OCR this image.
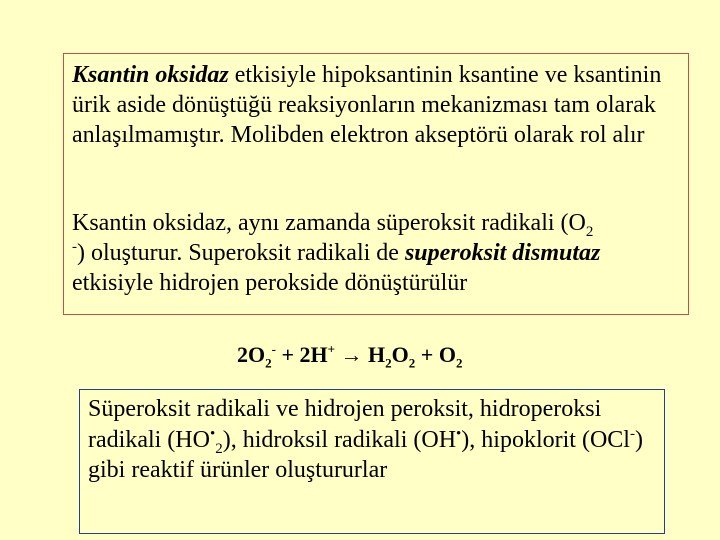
Ksantin oksidaz etkisiyle hipoksantinin ksantine ve ksantinin ürik aside dönüştüğü reaksiyonların mekanizması tam olarak anlaşılmamıştır. Molibden elektron akseptörü olarak rol alır

Ksantin oksidaz, aynı zamanda süperoksit radikali ($O_2$
-) oluşturur. Superoksit radikali de superoksit dismutaz etkisiyle hidrojen perokside dönüştürülür

$2O_2^- + 2H^+ \to H_2O_2 + O_2$

Süperoksit radikali ve hidrojen peroksit, hidroperoksi radikali $(HO^•_2)$, hidroksil radikali (OH•), hipoklorit (OCl-) gibi reaktif ürünler oluştururlar
